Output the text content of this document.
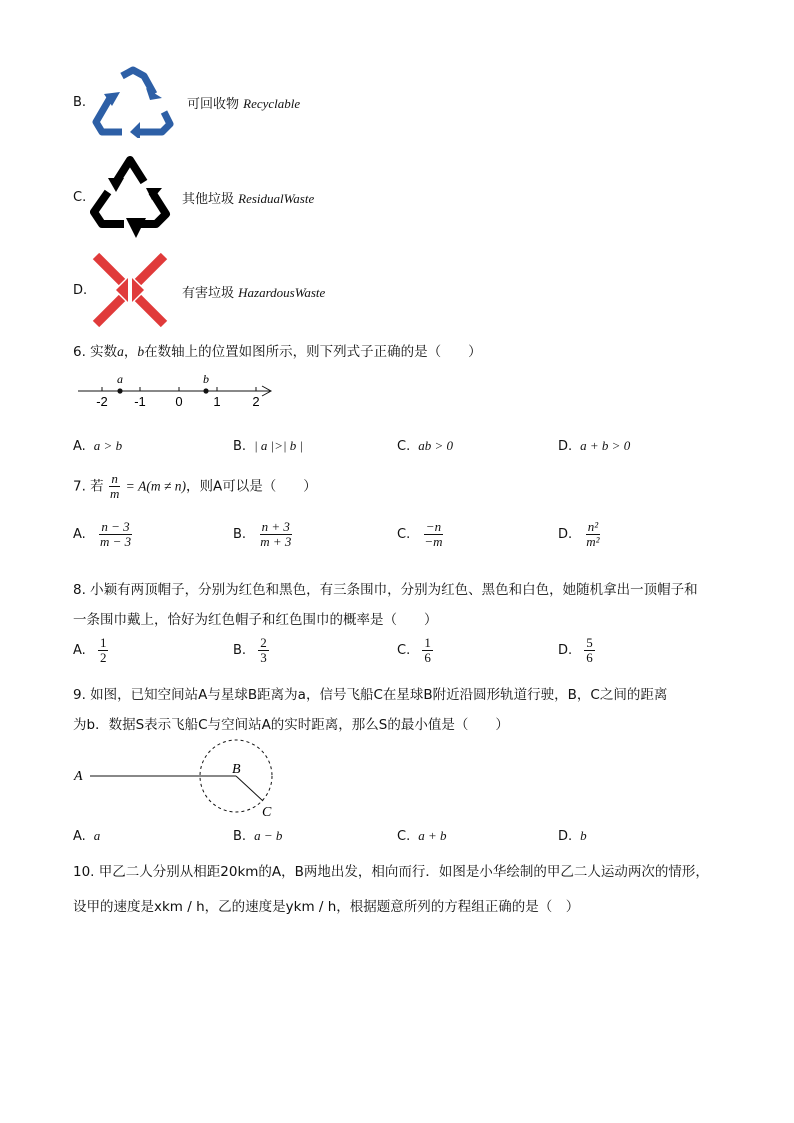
B.	可回收物 Recyclable
C.	其他垃圾 ResidualWaste
D.	有害垃圾 HazardousWaste
6. 实数a，b在数轴上的位置如图所示，则下列式子正确的是（　　）
a	b
-2 -1 0 1 2
A. a > b	B. | a |>| b |	C. ab > 0	D. a + b > 0
7. 若 $\frac{n}{m} = A(m \ne n)$，则A可以是（　　）
A. $\frac{n - 3}{m - 3}$	B. $\frac{n + 3}{m + 3}$	C. $\frac{-n}{-m}$	D. $\frac{\text{n²}}{\text{m²}}$
8. 小颖有两顶帽子，分别为红色和黑色，有三条围巾，分别为红色、黑色和白色，她随机拿出一顶帽子和
一条围巾戴上，恰好为红色帽子和红色围巾的概率是（　　）
A. $\frac{1}{2}$	B. $\frac{2}{3}$	C. $\frac{1}{6}$	D. $\frac{5}{6}$
9. 如图，已知空间站A与星球B距离为a，信号飞船C在星球B附近沿圆形轨道行驶，B，C之间的距离
为b．数据S表示飞船C与空间站A的实时距离，那么S的最小值是（　　）
A	B
C
A. a	B. a − b	C. a + b	D. b
10. 甲乙二人分别从相距20km的A，B两地出发，相向而行．如图是小华绘制的甲乙二人运动两次的情形，
设甲的速度是xkm / h，乙的速度是ykm / h，根据题意所列的方程组正确的是（　）
